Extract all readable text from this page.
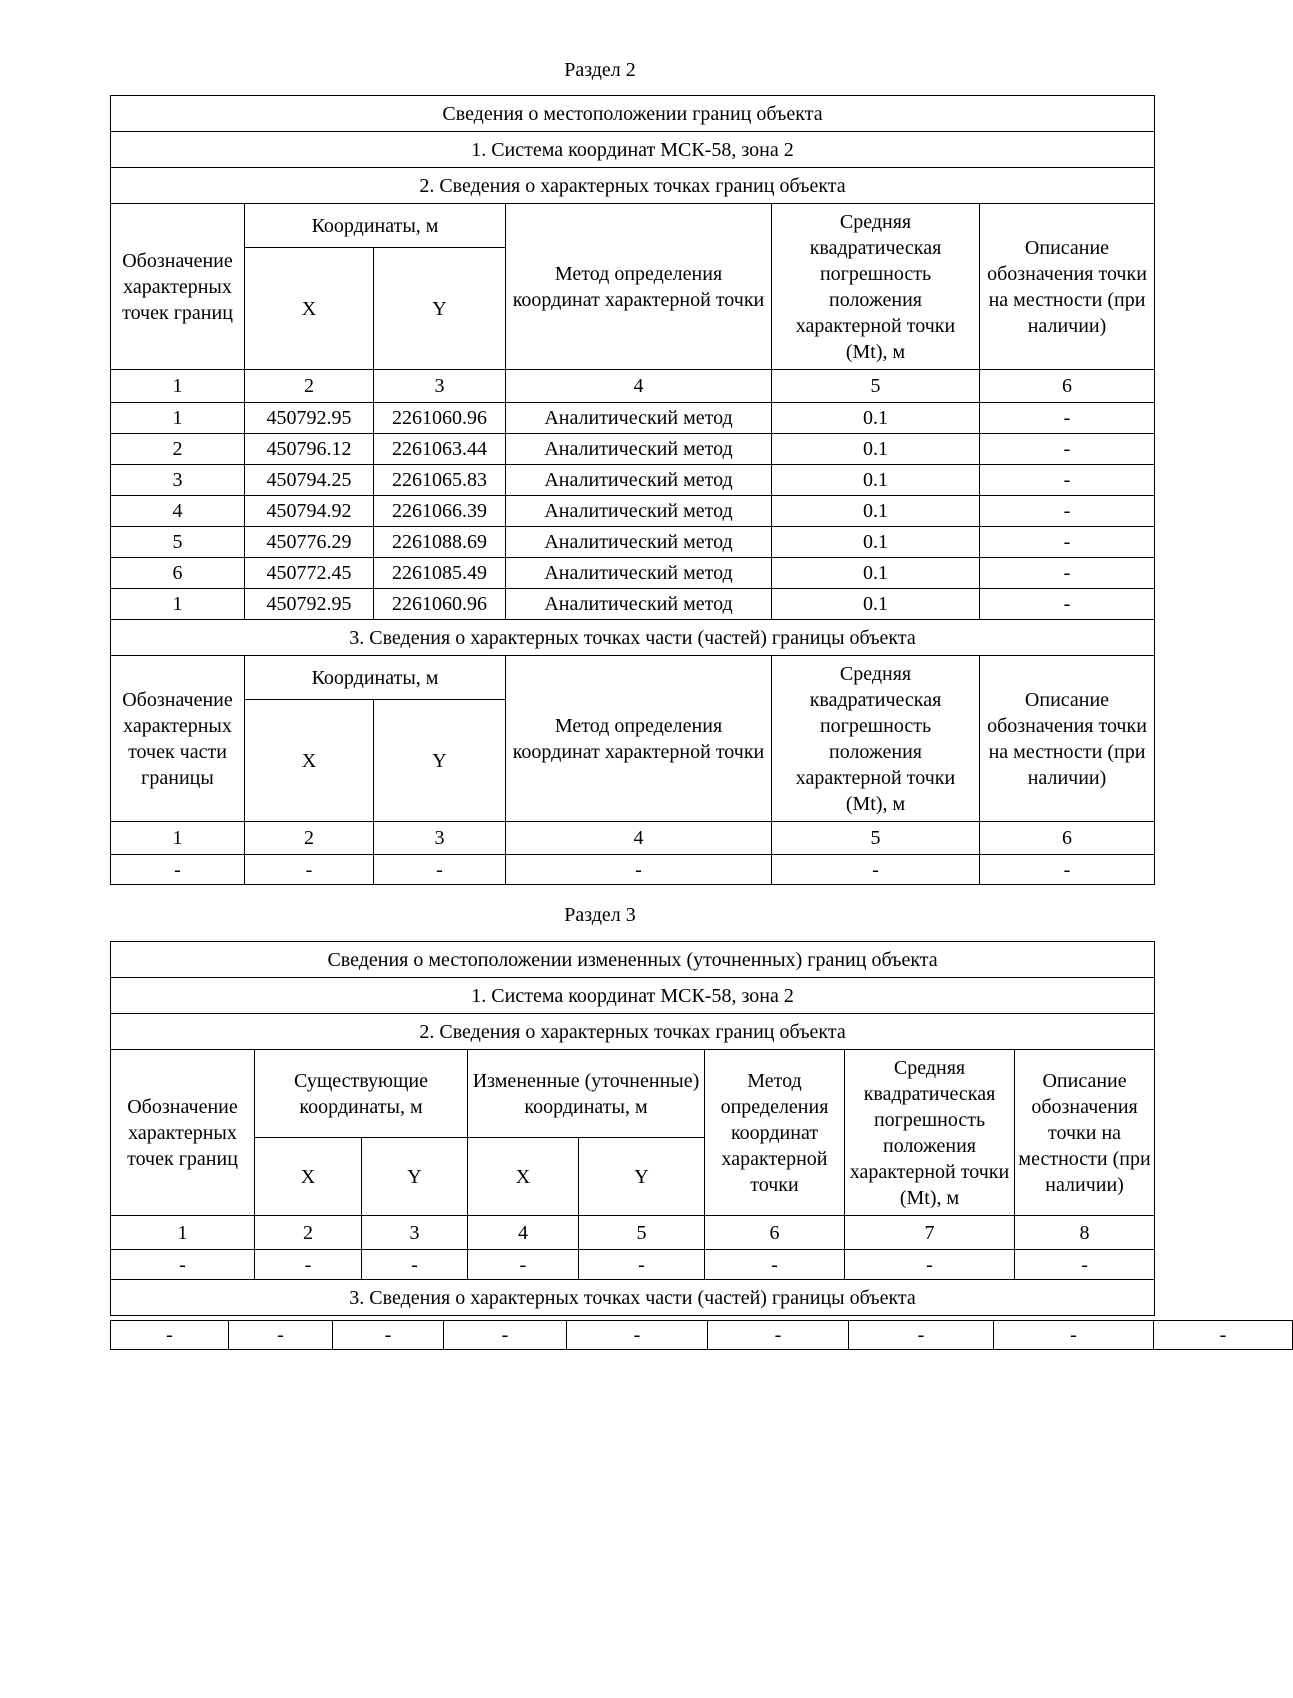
Раздел 2
Сведения о местоположении границ объекта					
1. Система координат МСК-58, зона 2					
2. Сведения о характерных точках границ объекта					
Обозначение характерных точек границ	Координаты, м		Метод определения координат характерной точки	Средняя квадратическая погрешность положения характерной точки (Mt), м	Описание обозначения точки на местности (при наличии)
	X	Y			
1	2	3	4	5	6
1	450792.95	2261060.96	Аналитический метод	0.1	-
2	450796.12	2261063.44	Аналитический метод	0.1	-
3	450794.25	2261065.83	Аналитический метод	0.1	-
4	450794.92	2261066.39	Аналитический метод	0.1	-
5	450776.29	2261088.69	Аналитический метод	0.1	-
6	450772.45	2261085.49	Аналитический метод	0.1	-
1	450792.95	2261060.96	Аналитический метод	0.1	-
3. Сведения о характерных точках части (частей) границы объекта					
Обозначение характерных точек части границы	Координаты, м		Метод определения координат характерной точки	Средняя квадратическая погрешность положения характерной точки (Mt), м	Описание обозначения точки на местности (при наличии)
	X	Y			
1	2	3	4	5	6
-	-	-	-	-	-
Раздел 3
Сведения о местоположении измененных (уточненных) границ объекта							
1. Система координат МСК-58, зона 2							
2. Сведения о характерных точках границ объекта							
Обозначение характерных точек границ	Существующие координаты, м		Измененные (уточненные) координаты, м		Метод определения координат характерной точки	Средняя квадратическая погрешность положения характерной точки (Mt), м	Описание обозначения точки на местности (при наличии)
	X	Y	X	Y			
1	2	3	4	5	6	7	8
-	-	-	-	-	-	-	-
3. Сведения о характерных точках части (частей) границы объекта							
-	-	-	-	-	-	-	-	-
